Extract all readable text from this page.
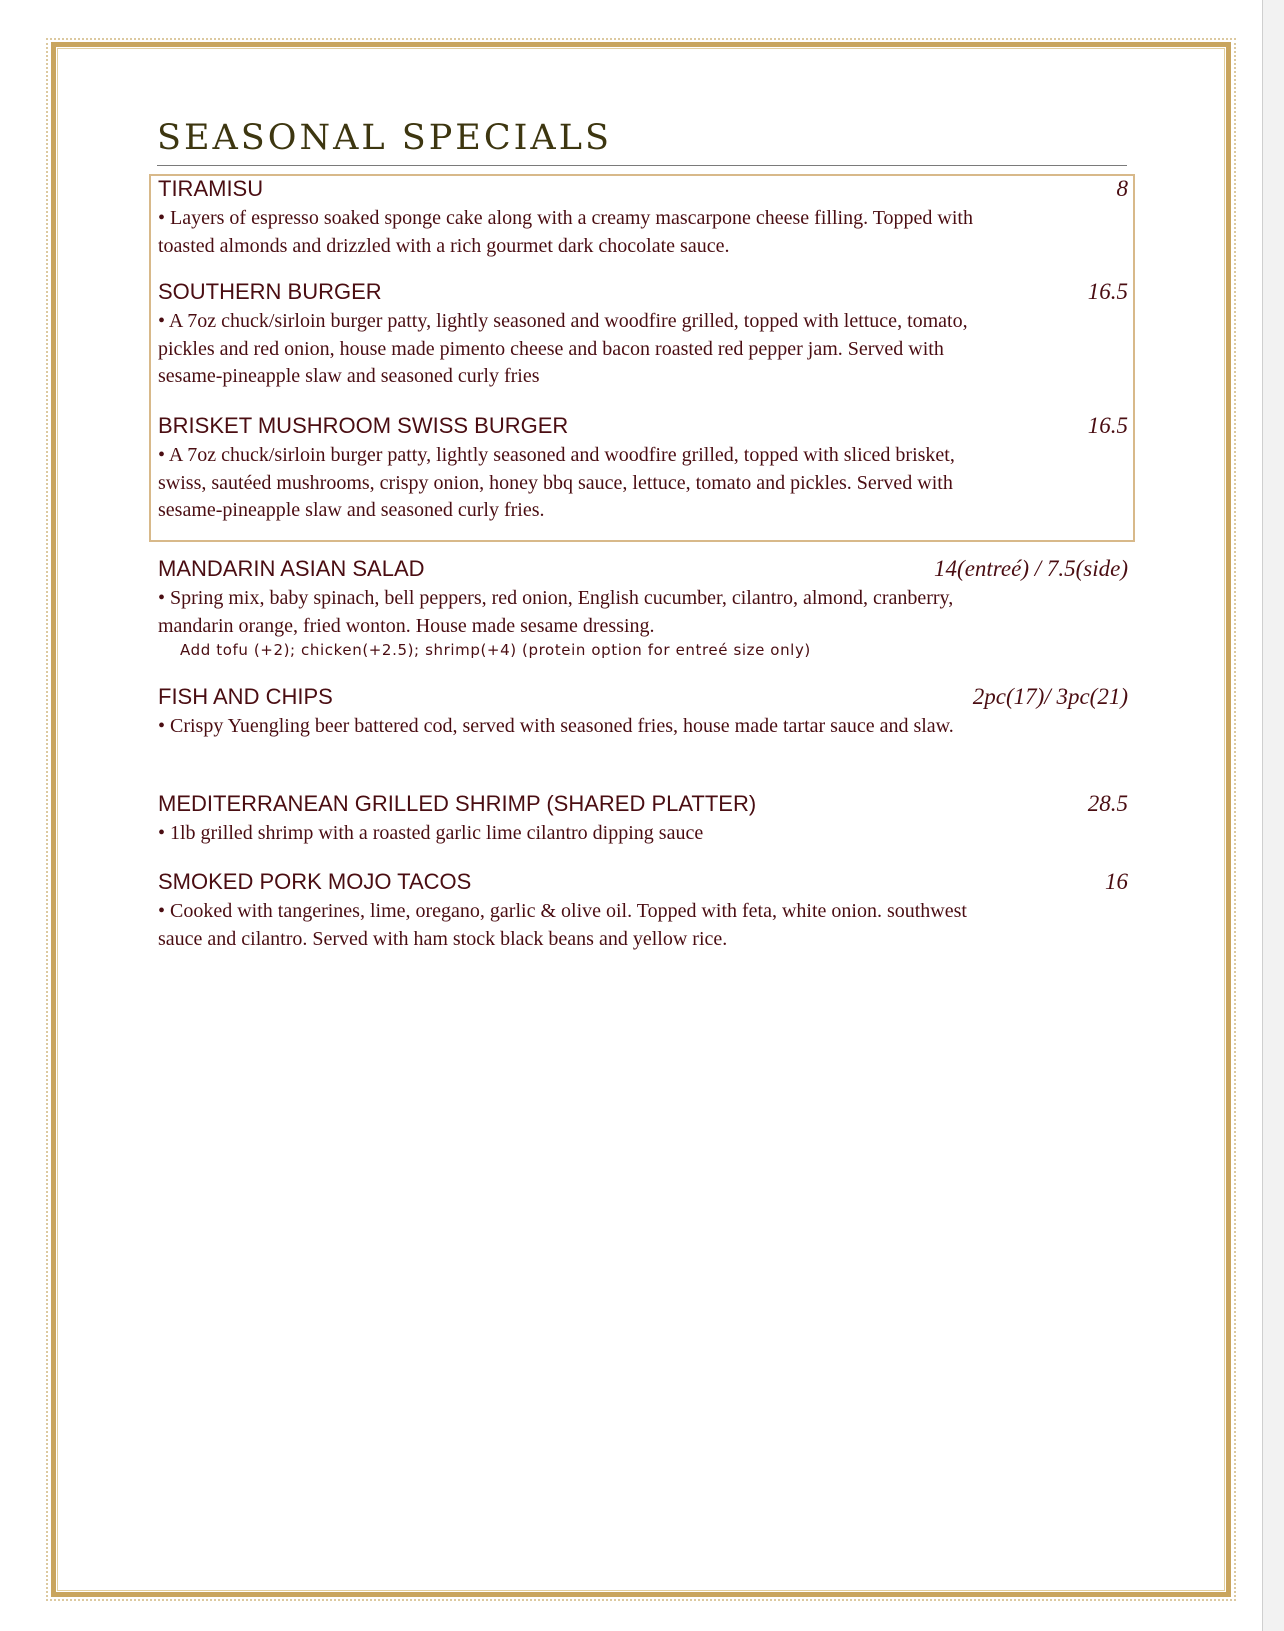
SEASONAL SPECIALS
TIRAMISU	8

• Layers of espresso soaked sponge cake along with a creamy mascarpone cheese filling. Topped with toasted almonds and drizzled with a rich gourmet dark chocolate sauce.

SOUTHERN BURGER	16.5

• A 7oz chuck/sirloin burger patty, lightly seasoned and woodfire grilled, topped with lettuce, tomato, pickles and red onion, house made pimento cheese and bacon roasted red pepper jam. Served with sesame-pineapple slaw and seasoned curly fries

BRISKET MUSHROOM SWISS BURGER	16.5

• A 7oz chuck/sirloin burger patty, lightly seasoned and woodfire grilled, topped with sliced brisket, swiss, sautéed mushrooms, crispy onion, honey bbq sauce, lettuce, tomato and pickles. Served with sesame-pineapple slaw and seasoned curly fries.

MANDARIN ASIAN SALAD	14(entreé) / 7.5(side)

• Spring mix, baby spinach, bell peppers, red onion, English cucumber, cilantro, almond, cranberry, mandarin orange, fried wonton. House made sesame dressing.

Add tofu (+2); chicken(+2.5); shrimp(+4) (protein option for entreé size only)

FISH AND CHIPS	2pc(17)/ 3pc(21)

• Crispy Yuengling beer battered cod, served with seasoned fries, house made tartar sauce and slaw.

MEDITERRANEAN GRILLED SHRIMP (SHARED PLATTER)	28.5

• 1lb grilled shrimp with a roasted garlic lime cilantro dipping sauce

SMOKED PORK MOJO TACOS	16

• Cooked with tangerines, lime, oregano, garlic & olive oil. Topped with feta, white onion. southwest sauce and cilantro. Served with ham stock black beans and yellow rice.
